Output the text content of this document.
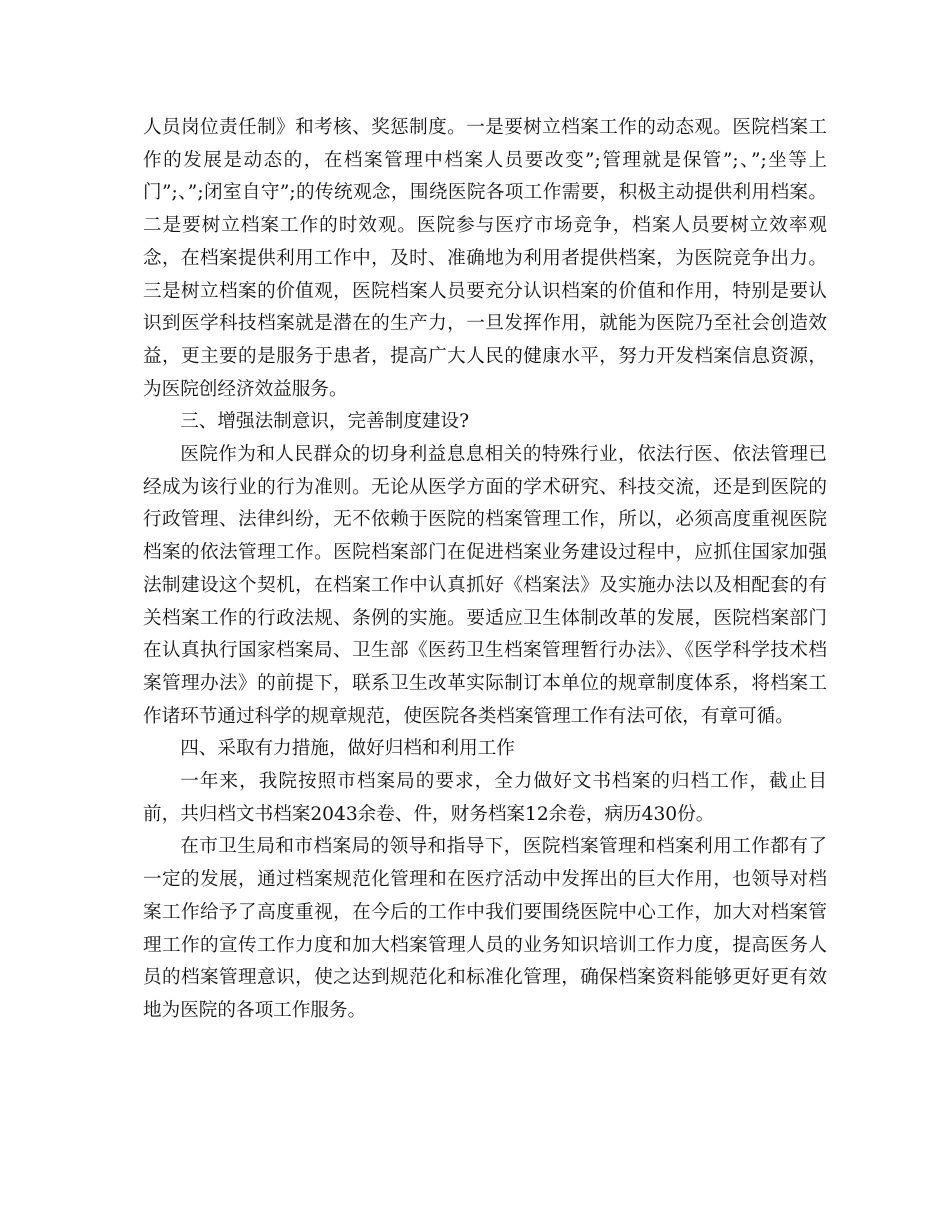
人员岗位责任制》和考核、奖惩制度。一是要树立档案工作的动态观。医院档案工作的发展是动态的，在档案管理中档案人员要改变”;管理就是保管”;、”;坐等上门”;、”;闭室自守”;的传统观念，围绕医院各项工作需要，积极主动提供利用档案。二是要树立档案工作的时效观。医院参与医疗市场竞争，档案人员要树立效率观念，在档案提供利用工作中，及时、准确地为利用者提供档案，为医院竞争出力。三是树立档案的价值观，医院档案人员要充分认识档案的价值和作用，特别是要认识到医学科技档案就是潜在的生产力，一旦发挥作用，就能为医院乃至社会创造效益，更主要的是服务于患者，提高广大人民的健康水平，努力开发档案信息资源，为医院创经济效益服务。

三、增强法制意识，完善制度建设?

医院作为和人民群众的切身利益息息相关的特殊行业，依法行医、依法管理已经成为该行业的行为准则。无论从医学方面的学术研究、科技交流，还是到医院的行政管理、法律纠纷，无不依赖于医院的档案管理工作，所以，必须高度重视医院档案的依法管理工作。医院档案部门在促进档案业务建设过程中，应抓住国家加强法制建设这个契机，在档案工作中认真抓好《档案法》及实施办法以及相配套的有关档案工作的行政法规、条例的实施。要适应卫生体制改革的发展，医院档案部门在认真执行国家档案局、卫生部《医药卫生档案管理暂行办法》、《医学科学技术档案管理办法》的前提下，联系卫生改革实际制订本单位的规章制度体系，将档案工作诸环节通过科学的规章规范，使医院各类档案管理工作有法可依，有章可循。

四、采取有力措施，做好归档和利用工作

一年来，我院按照市档案局的要求，全力做好文书档案的归档工作，截止目前，共归档文书档案2043余卷、件，财务档案12余卷，病历430份。

在市卫生局和市档案局的领导和指导下，医院档案管理和档案利用工作都有了一定的发展，通过档案规范化管理和在医疗活动中发挥出的巨大作用，也领导对档案工作给予了高度重视，在今后的工作中我们要围绕医院中心工作，加大对档案管理工作的宣传工作力度和加大档案管理人员的业务知识培训工作力度，提高医务人员的档案管理意识，使之达到规范化和标准化管理，确保档案资料能够更好更有效地为医院的各项工作服务。
